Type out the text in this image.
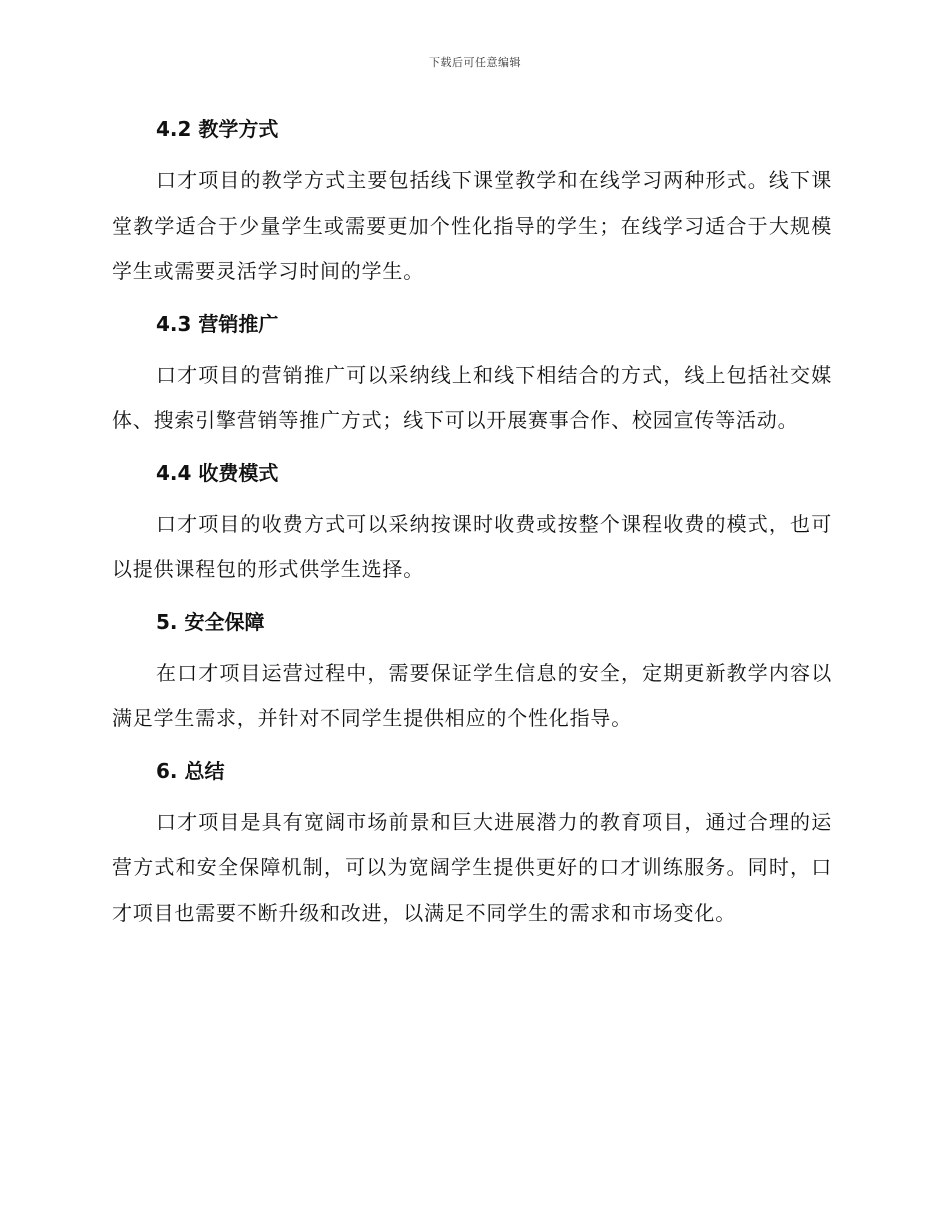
下载后可任意编辑
4.2 教学方式

口才项目的教学方式主要包括线下课堂教学和在线学习两种形式。线下课堂教学适合于少量学生或需要更加个性化指导的学生；在线学习适合于大规模学生或需要灵活学习时间的学生。

4.3 营销推广

口才项目的营销推广可以采纳线上和线下相结合的方式，线上包括社交媒体、搜索引擎营销等推广方式；线下可以开展赛事合作、校园宣传等活动。

4.4 收费模式

口才项目的收费方式可以采纳按课时收费或按整个课程收费的模式，也可以提供课程包的形式供学生选择。

5. 安全保障

在口才项目运营过程中，需要保证学生信息的安全，定期更新教学内容以满足学生需求，并针对不同学生提供相应的个性化指导。

6. 总结

口才项目是具有宽阔市场前景和巨大进展潜力的教育项目，通过合理的运营方式和安全保障机制，可以为宽阔学生提供更好的口才训练服务。同时，口才项目也需要不断升级和改进，以满足不同学生的需求和市场变化。
